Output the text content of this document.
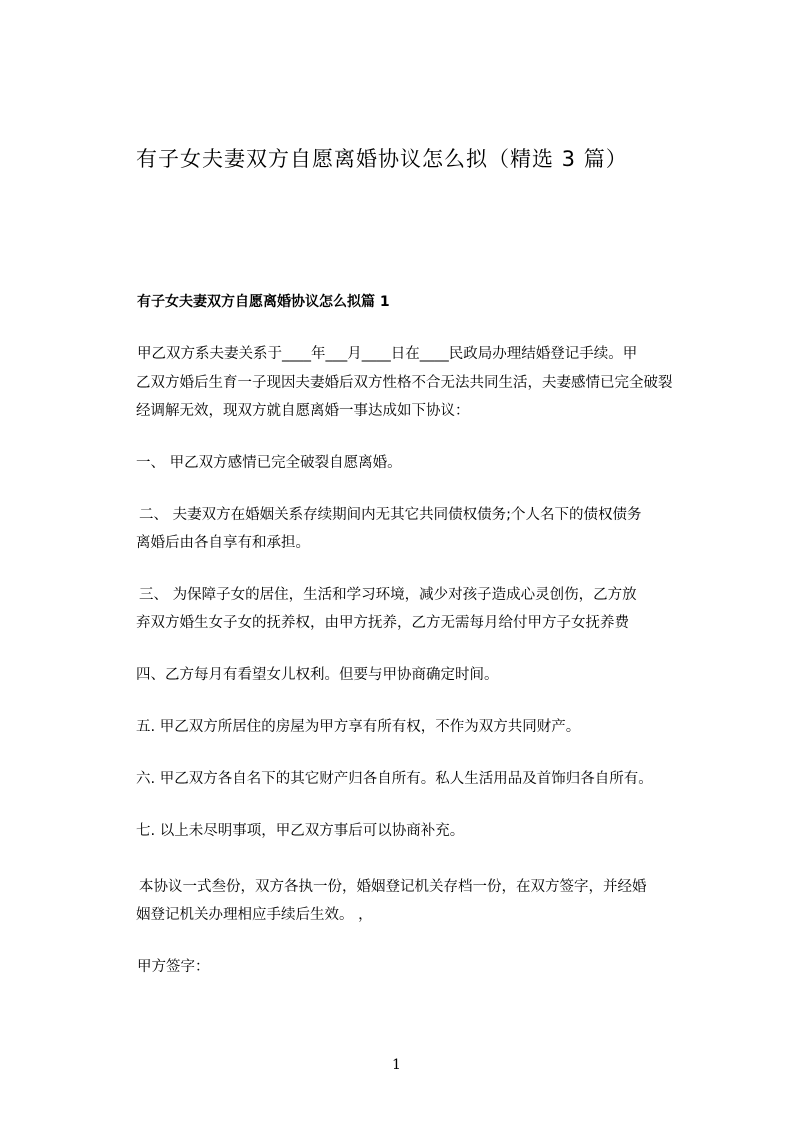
有子女夫妻双方自愿离婚协议怎么拟（精选 3 篇）
有子女夫妻双方自愿离婚协议怎么拟篇 1
甲乙双方系夫妻关系于____年___月____日在____民政局办理结婚登记手续。甲
乙双方婚后生育一子现因夫妻婚后双方性格不合无法共同生活，夫妻感情已完全破裂
经调解无效，现双方就自愿离婚一事达成如下协议：
一、 甲乙双方感情已完全破裂自愿离婚。
二、 夫妻双方在婚姻关系存续期间内无其它共同债权债务;个人名下的债权债务
离婚后由各自享有和承担。
三、 为保障子女的居住，生活和学习环境，减少对孩子造成心灵创伤，乙方放
弃双方婚生女子女的抚养权，由甲方抚养，乙方无需每月给付甲方子女抚养费
四、乙方每月有看望女儿权利。但要与甲协商确定时间。
五. 甲乙双方所居住的房屋为甲方享有所有权，不作为双方共同财产。
六. 甲乙双方各自名下的其它财产归各自所有。私人生活用品及首饰归各自所有。
七. 以上未尽明事项，甲乙双方事后可以协商补充。
本协议一式叁份，双方各执一份，婚姻登记机关存档一份，在双方签字，并经婚
姻登记机关办理相应手续后生效。 ，
甲方签字：
1
